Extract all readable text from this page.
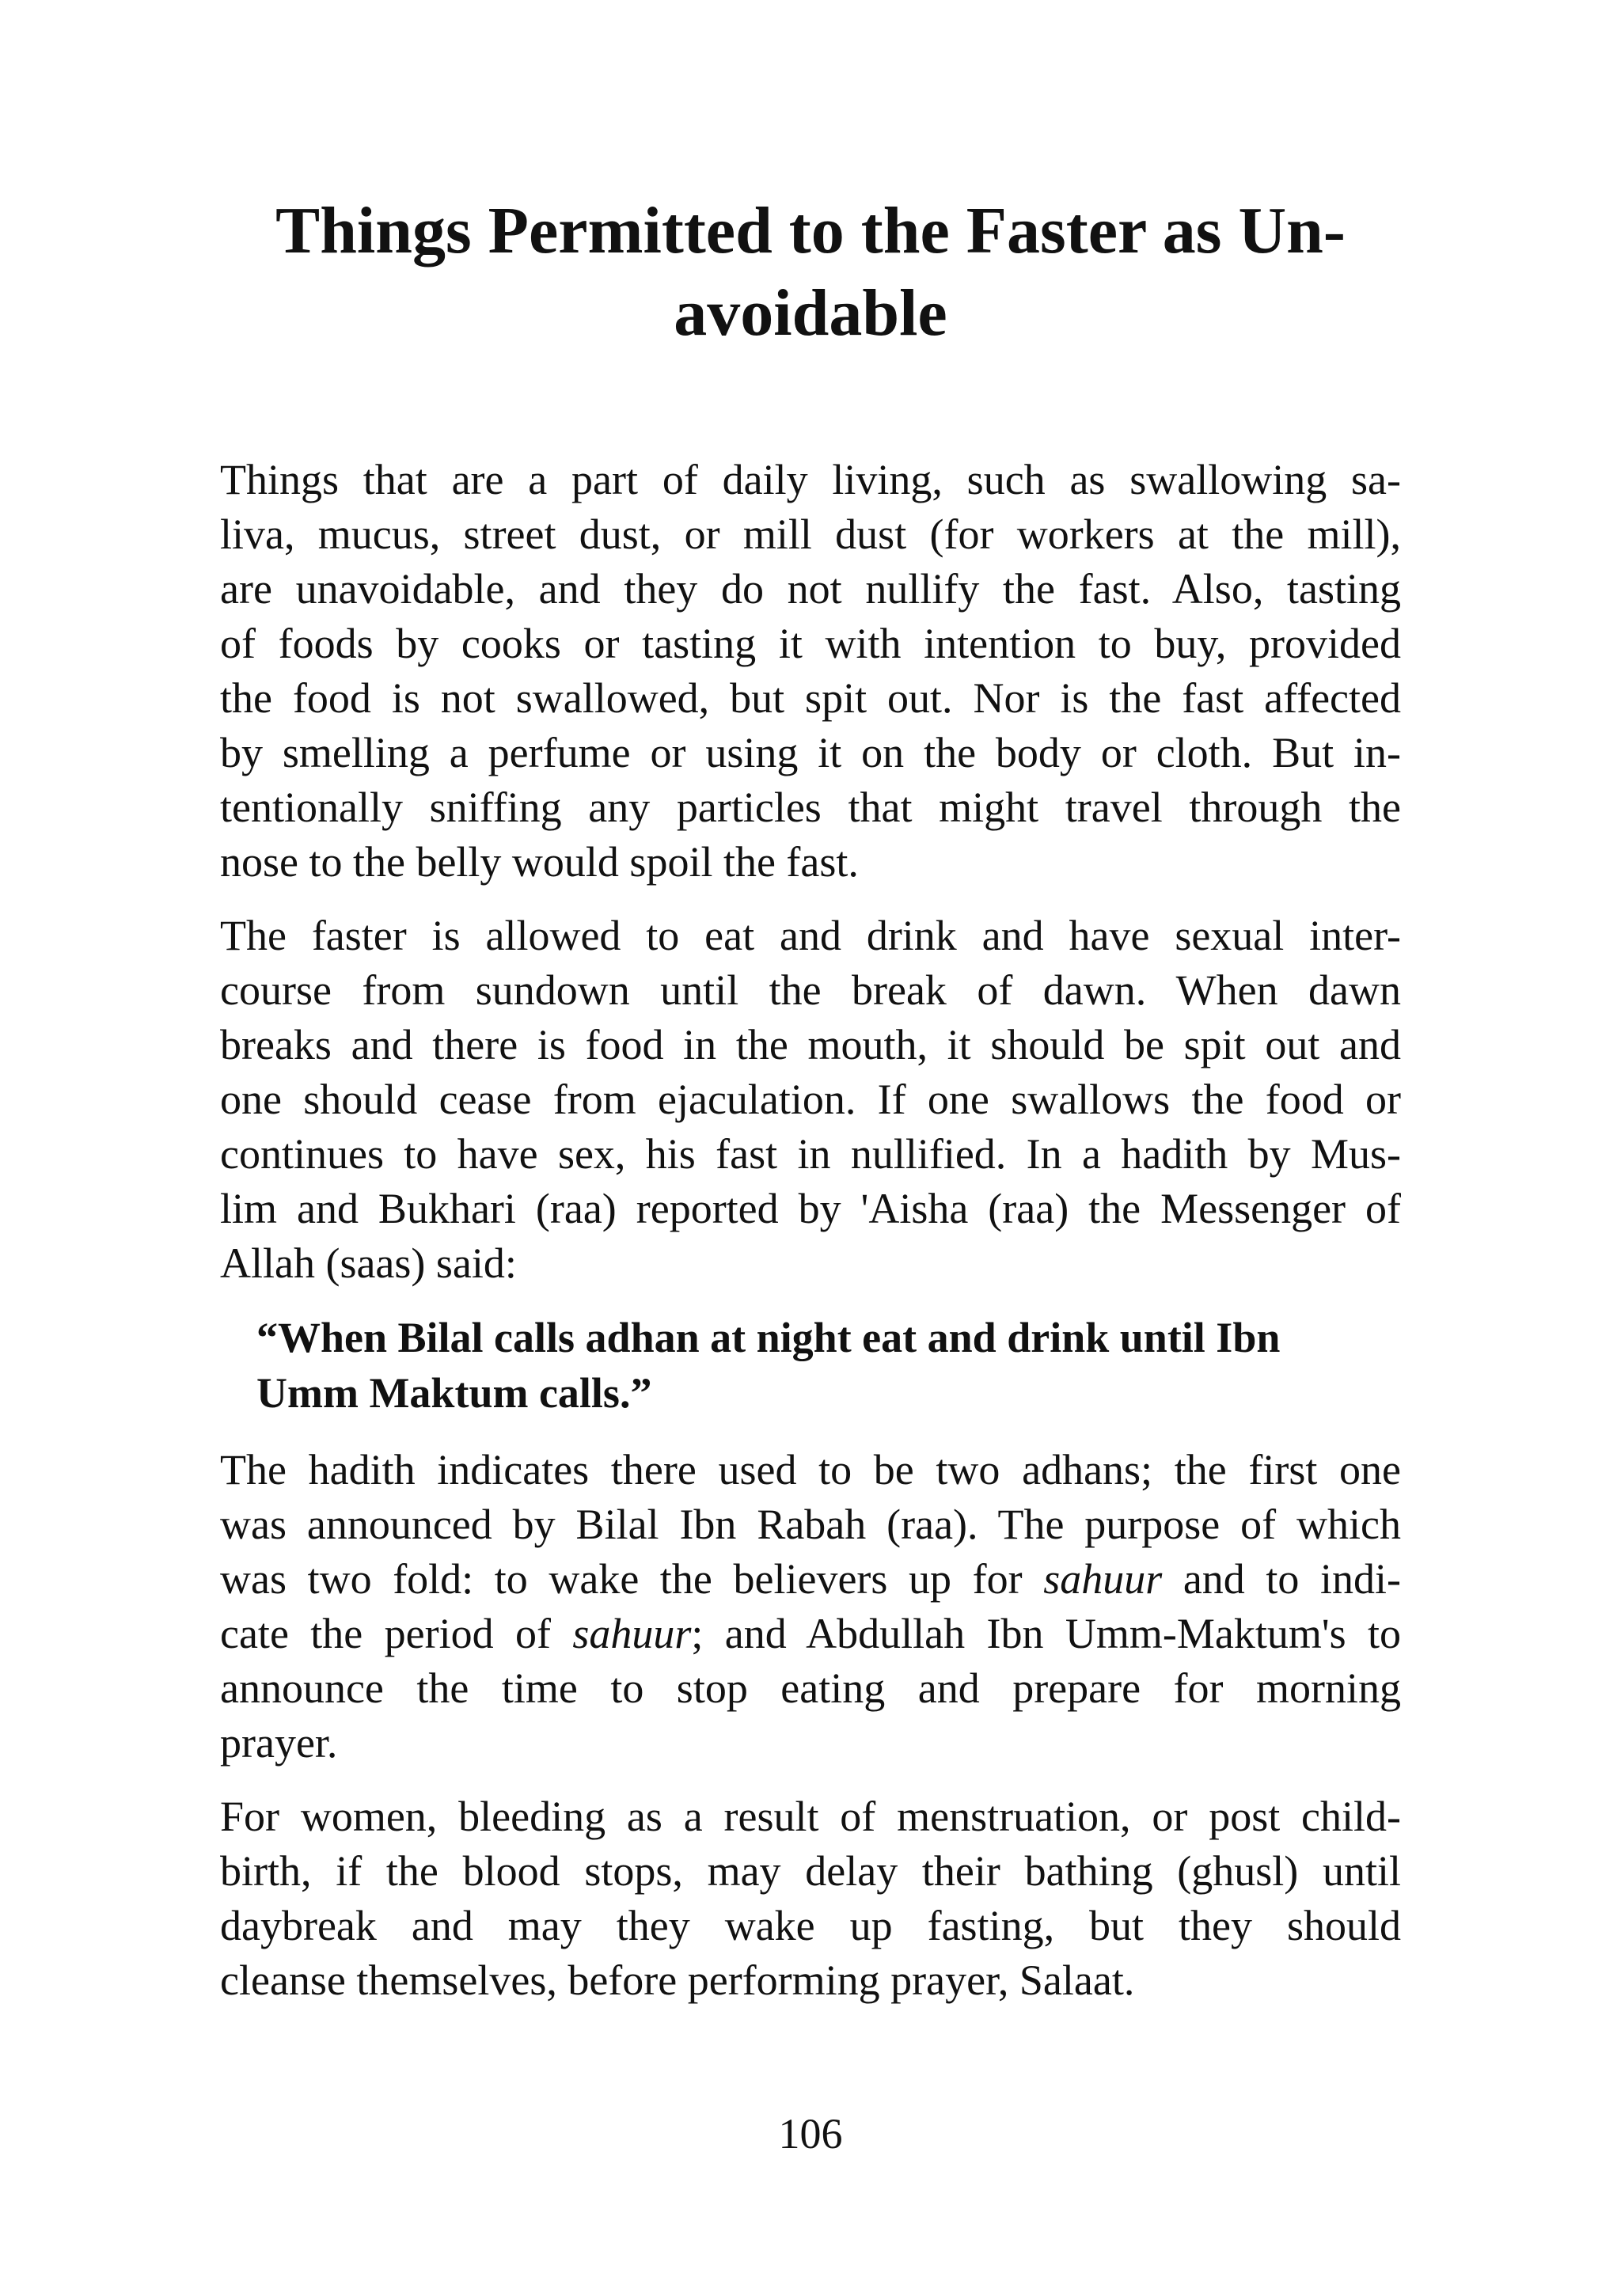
Things Permitted to the Faster as Un-
avoidable

Things that are a part of daily living, such as swallowing sa-
liva, mucus, street dust, or mill dust (for workers at the mill),
are unavoidable, and they do not nullify the fast. Also, tasting
of foods by cooks or tasting it with intention to buy, provided
the food is not swallowed, but spit out. Nor is the fast affected
by smelling a perfume or using it on the body or cloth. But in-
tentionally sniffing any particles that might travel through the
nose to the belly would spoil the fast.

The faster is allowed to eat and drink and have sexual inter-
course from sundown until the break of dawn. When dawn
breaks and there is food in the mouth, it should be spit out and
one should cease from ejaculation. If one swallows the food or
continues to have sex, his fast in nullified. In a hadith by Mus-
lim and Bukhari (raa) reported by 'Aisha (raa) the Messenger of
Allah (saas) said:

“When Bilal calls adhan at night eat and drink until Ibn
Umm Maktum calls.”

The hadith indicates there used to be two adhans; the first one
was announced by Bilal Ibn Rabah (raa). The purpose of which
was two fold: to wake the believers up for sahuur and to indi-
cate the period of sahuur; and Abdullah Ibn Umm-Maktum's to
announce the time to stop eating and prepare for morning
prayer.

For women, bleeding as a result of menstruation, or post child-
birth, if the blood stops, may delay their bathing (ghusl) until
daybreak and may they wake up fasting, but they should
cleanse themselves, before performing prayer, Salaat.

106
